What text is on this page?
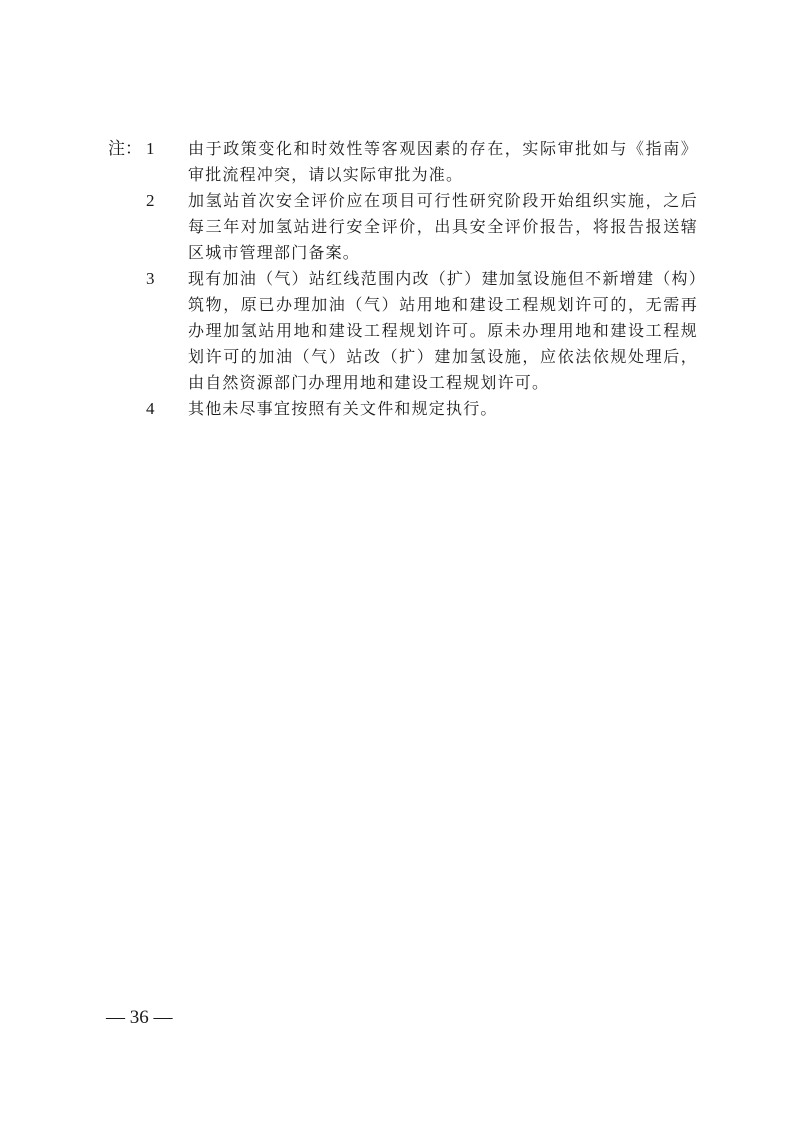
注： 1 由于政策变化和时效性等客观因素的存在，实际审批如与《指南》审批流程冲突，请以实际审批为准。

2 加氢站首次安全评价应在项目可行性研究阶段开始组织实施，之后每三年对加氢站进行安全评价，出具安全评价报告，将报告报送辖区城市管理部门备案。

3 现有加油（气）站红线范围内改（扩）建加氢设施但不新增建（构）筑物，原已办理加油（气）站用地和建设工程规划许可的，无需再办理加氢站用地和建设工程规划许可。原未办理用地和建设工程规划许可的加油（气）站改（扩）建加氢设施，应依法依规处理后，由自然资源部门办理用地和建设工程规划许可。

4 其他未尽事宜按照有关文件和规定执行。

— 36 —
